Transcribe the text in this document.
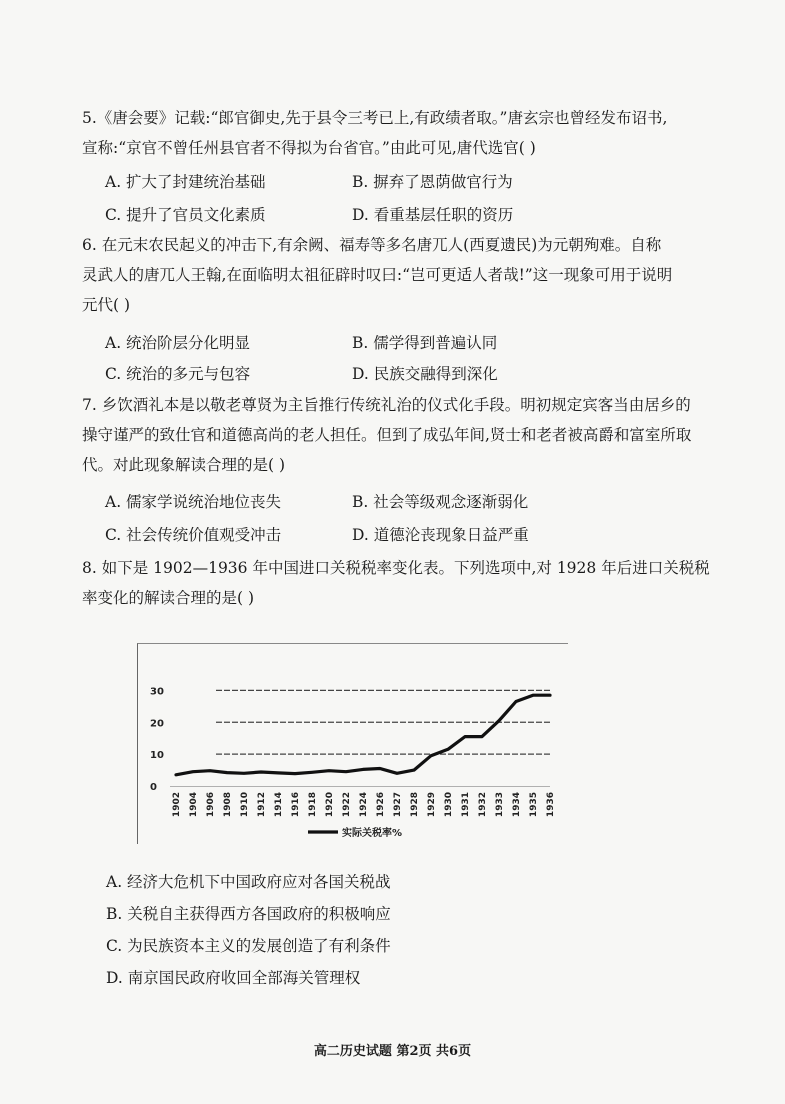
5.《唐会要》记载:“郎官御史,先于县令三考已上,有政绩者取。”唐玄宗也曾经发布诏书,
宣称:“京官不曾任州县官者不得拟为台省官。”由此可见,唐代选官( )
A. 扩大了封建统治基础	B. 摒弃了恩荫做官行为
C. 提升了官员文化素质	D. 看重基层任职的资历
6. 在元末农民起义的冲击下,有余阙、福寿等多名唐兀人(西夏遗民)为元朝殉难。自称
灵武人的唐兀人王翰,在面临明太祖征辟时叹曰:“岂可更适人者哉!”这一现象可用于说明
元代( )
A. 统治阶层分化明显	B. 儒学得到普遍认同
C. 统治的多元与包容	D. 民族交融得到深化
7. 乡饮酒礼本是以敬老尊贤为主旨推行传统礼治的仪式化手段。明初规定宾客当由居乡的
操守谨严的致仕官和道德高尚的老人担任。但到了成弘年间,贤士和老者被高爵和富室所取
代。对此现象解读合理的是( )
A. 儒家学说统治地位丧失	B. 社会等级观念逐渐弱化
C. 社会传统价值观受冲击	D. 道德沦丧现象日益严重
8. 如下是 1902—1936 年中国进口关税税率变化表。下列选项中,对 1928 年后进口关税税
率变化的解读合理的是( )
30
20
10
0
1902 1904 1906 1908 1910 1912 1914 1916 1918 1920 1922 1924 1926 1927 1928 1929 1930 1931 1932 1933 1934 1935 1936
实际关税率%
A. 经济大危机下中国政府应对各国关税战
B. 关税自主获得西方各国政府的积极响应
C. 为民族资本主义的发展创造了有利条件
D. 南京国民政府收回全部海关管理权
高二历史试题 第2页 共6页
